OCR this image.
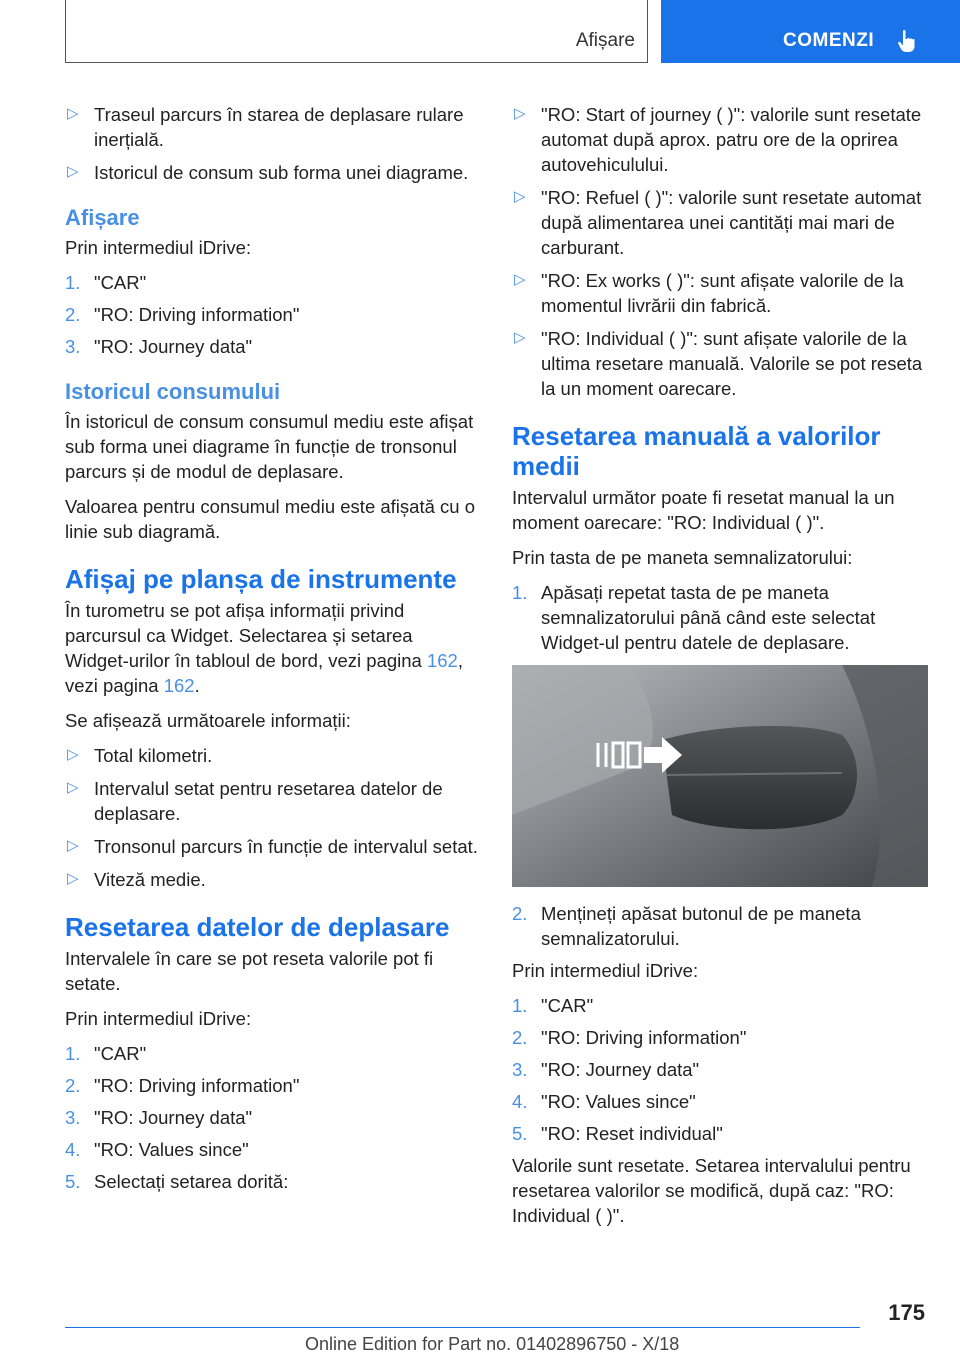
Afișare	COMENZI
▷ Traseul parcurs în starea de deplasare rulare inerțială.
▷ Istoricul de consum sub forma unei diagrame.
Afișare

Prin intermediul iDrive:

1. "CAR"
2. "RO: Driving information"
3. "RO: Journey data"
Istoricul consumului

În istoricul de consum consumul mediu este afișat sub forma unei diagrame în funcție de tronsonul parcurs și de modul de deplasare.

Valoarea pentru consumul mediu este afișată cu o linie sub diagramă.

Afișaj pe planșa de instrumente

În turometru se pot afișa informații privind parcursul ca Widget. Selectarea și setarea Widget-urilor în tabloul de bord, vezi pagina 162, vezi pagina 162.

Se afișează următoarele informații:

▷ Total kilometri.
▷ Intervalul setat pentru resetarea datelor de deplasare.
▷ Tronsonul parcurs în funcție de intervalul setat.
▷ Viteză medie.
Resetarea datelor de deplasare

Intervalele în care se pot reseta valorile pot fi setate.

Prin intermediul iDrive:

1. "CAR"
2. "RO: Driving information"
3. "RO: Journey data"
4. "RO: Values since"
5. Selectați setarea dorită:
▷ "RO: Start of journey ( )": valorile sunt resetate automat după aprox. patru ore de la oprirea autovehiculului.
▷ "RO: Refuel ( )": valorile sunt resetate automat după alimentarea unei cantități mai mari de carburant.
▷ "RO: Ex works ( )": sunt afișate valorile de la momentul livrării din fabrică.
▷ "RO: Individual ( )": sunt afișate valorile de la ultima resetare manuală. Valorile se pot reseta la un moment oarecare.
Resetarea manuală a valorilor medii

Intervalul următor poate fi resetat manual la un moment oarecare: "RO: Individual ( )".

Prin tasta de pe maneta semnalizatorului:

1. Apăsați repetat tasta de pe maneta semnalizatorului până când este selectat Widget-ul pentru datele de deplasare.
2. Mențineți apăsat butonul de pe maneta semnalizatorului.

Prin intermediul iDrive:

1. "CAR"
2. "RO: Driving information"
3. "RO: Journey data"
4. "RO: Values since"
5. "RO: Reset individual"

Valorile sunt resetate. Setarea intervalului pentru resetarea valorilor se modifică, după caz: "RO: Individual ( )".

175
Online Edition for Part no. 01402896750 - X/18
